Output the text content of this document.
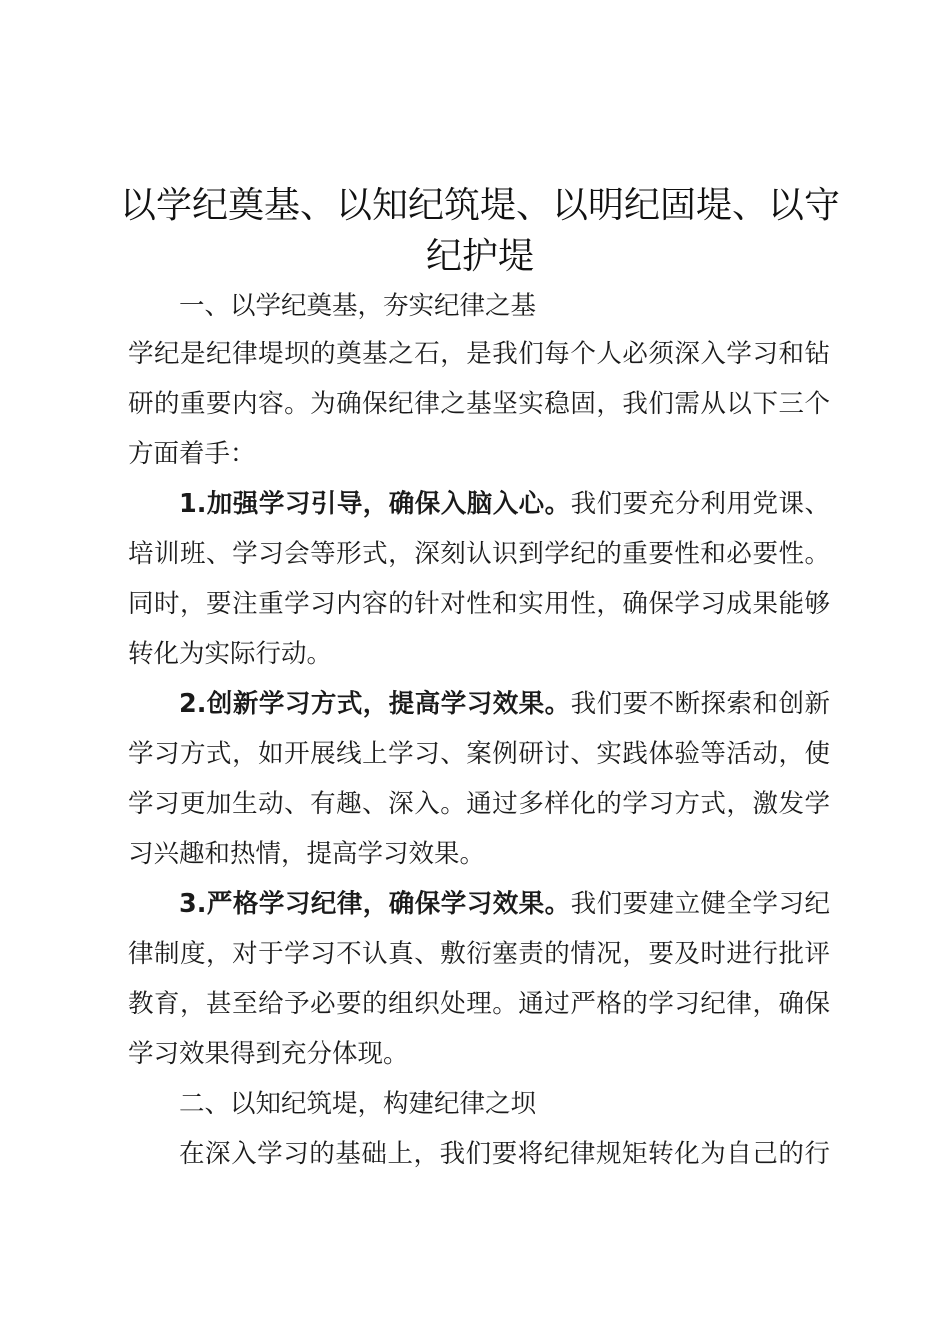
以学纪奠基、以知纪筑堤、以明纪固堤、以守
纪护堤
一、以学纪奠基，夯实纪律之基
学纪是纪律堤坝的奠基之石，是我们每个人必须深入学习和钻
研的重要内容。为确保纪律之基坚实稳固，我们需从以下三个
方面着手：
1.加强学习引导，确保入脑入心。我们要充分利用党课、
培训班、学习会等形式，深刻认识到学纪的重要性和必要性。
同时，要注重学习内容的针对性和实用性，确保学习成果能够
转化为实际行动。
2.创新学习方式，提高学习效果。我们要不断探索和创新
学习方式，如开展线上学习、案例研讨、实践体验等活动，使
学习更加生动、有趣、深入。通过多样化的学习方式，激发学
习兴趣和热情，提高学习效果。
3.严格学习纪律，确保学习效果。我们要建立健全学习纪
律制度，对于学习不认真、敷衍塞责的情况，要及时进行批评
教育，甚至给予必要的组织处理。通过严格的学习纪律，确保
学习效果得到充分体现。
二、以知纪筑堤，构建纪律之坝
在深入学习的基础上，我们要将纪律规矩转化为自己的行
